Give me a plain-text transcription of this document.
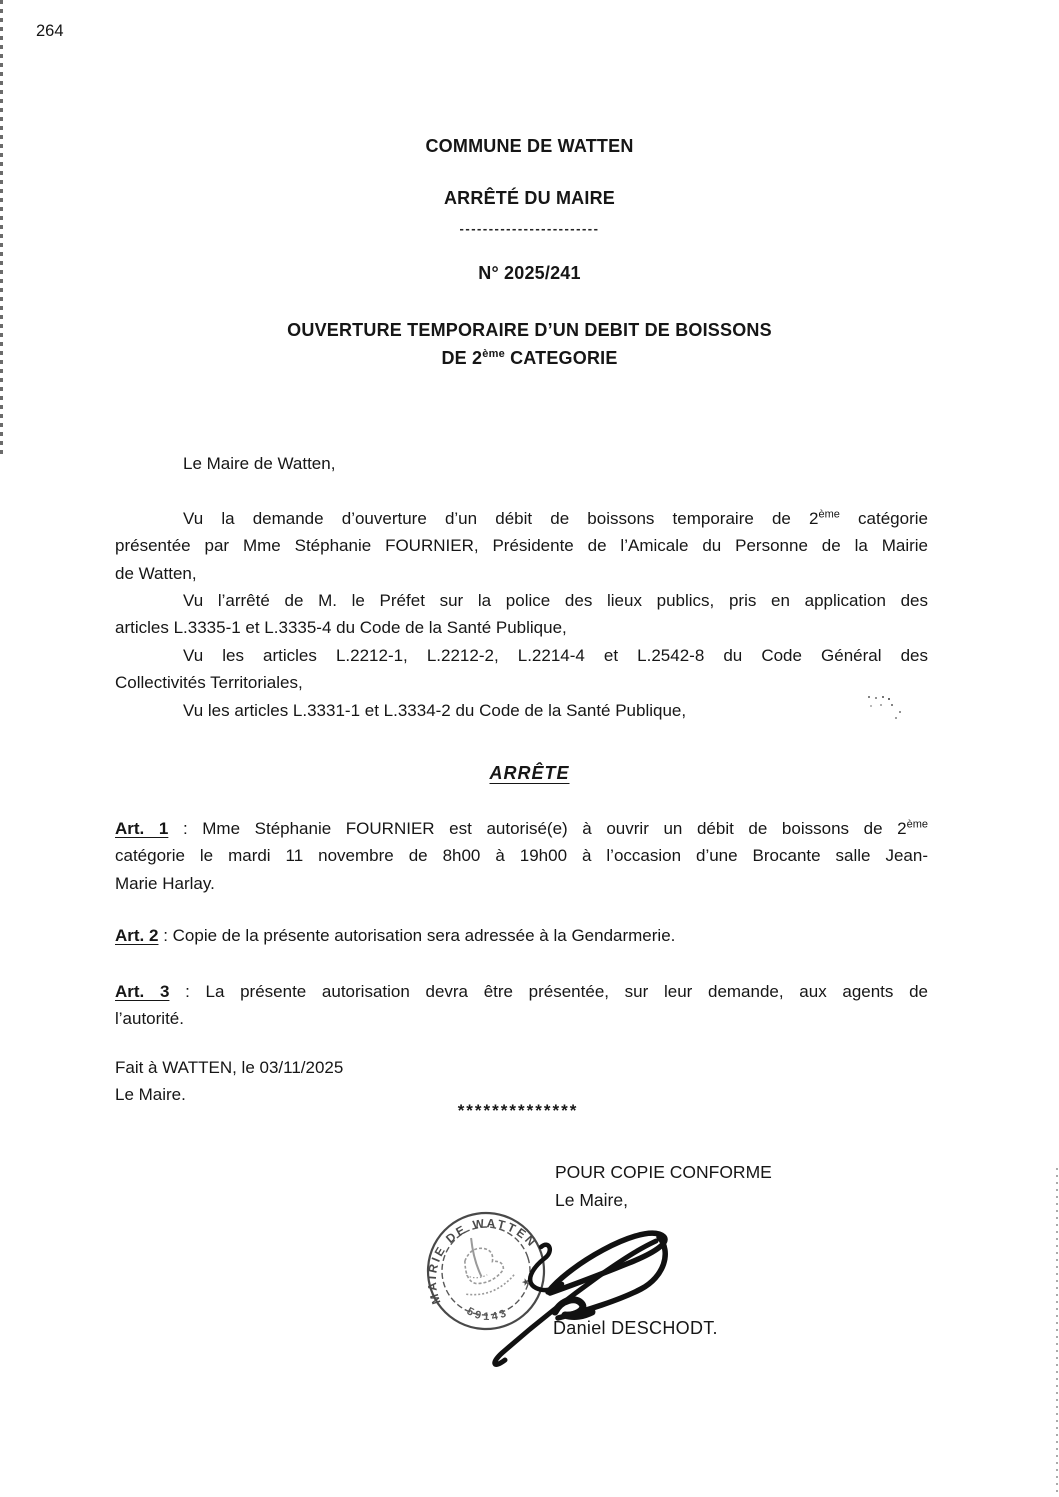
264
COMMUNE DE WATTEN
ARRÊTÉ DU MAIRE
------------------------
N° 2025/241
OUVERTURE TEMPORAIRE D’UN DEBIT DE BOISSONS
DE 2ème CATEGORIE
Le Maire de Watten,
Vu la demande d’ouverture d’un débit de boissons temporaire de 2ème catégorie
présentée par Mme Stéphanie FOURNIER, Présidente de l’Amicale du Personne de la Mairie
de Watten,
Vu l’arrêté de M. le Préfet sur la police des lieux publics, pris en application des
articles L.3335-1 et L.3335-4 du Code de la Santé Publique,
Vu les articles L.2212-1, L.2212-2, L.2214-4 et L.2542-8 du Code Général des
Collectivités Territoriales,
Vu les articles L.3331-1 et L.3334-2 du Code de la Santé Publique,
ARRÊTE
Art. 1 : Mme Stéphanie FOURNIER est autorisé(e) à ouvrir un débit de boissons de 2ème
catégorie le mardi 11 novembre de 8h00 à 19h00 à l’occasion d’une Brocante salle Jean-
Marie Harlay.
Art. 2 : Copie de la présente autorisation sera adressée à la Gendarmerie.
Art. 3 : La présente autorisation devra être présentée, sur leur demande, aux agents de
l’autorité.
Fait à WATTEN, le 03/11/2025
Le Maire.
**************
POUR COPIE CONFORME
Le Maire,
Daniel DESCHODT.
MAIRIE DE WATTEN
59143
★
